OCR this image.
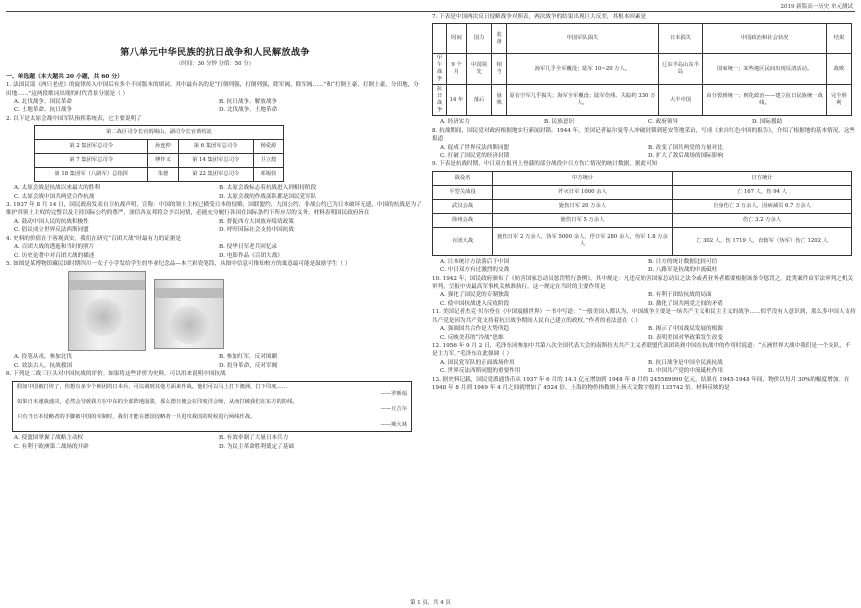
2019 新版高一历史 单元测试
第八单元中华民族的抗日战争和人民解放战争
（时间：30 分钟 分值：50 分）
一、单选题（本大题共 20 小题，共 60 分）
1. 法国民谣《两只老虎》的旋律传入中国后有多个不同版本的填词。其中最有名的是“打倒列强，打倒列强，除军阀，除军阀……”和“打倒土豪，打倒土豪，分田地，分田地……”这两段歌词出现的时代背景分别是（ ）
A. 北伐战争、国民革命	B. 抗日战争、解放战争
C. 土地革命、抗日战争	D. 北伐战争、土地革命
2. 以下是太原会战中国军队指挥系统表，它主要说明了
第二战区司令长官阎锡山、副司令长官黄绍竑			
第 2 集团军总司令	孙连仲	第 6 集团军总司令	杨爱源
第 7 集团军总司令	傅作义	第 14 集团军总司令	卫立煌
第 18 集团军（八路军）总指挥	朱德	第 22 集团军总司令	邓锡侯
A. 太原会战是抗战以来最大的胜利	B. 太原会战标志着抗战进入到相持阶段
C. 太原会战中国共两党合作抗战	D. 太原会战的作战部队都是国民党军队
3. 1937 年 8 月 14 日，国民政府发表自卫抗战声明，宣称：中国的领土主权已横受日本的侵略，国联盟约、九国公约、非战公约已为日本破坏无遗，中国的抗战是为了维护其领土主权的完整以及主持国际公约的尊严，深信各友邦将会予以同情，必能充分履行各国在国际条约下所应尽的义务。材料表明国民政府旨在
A. 鼓动中国人民的抗战积极性	B. 督促西方大国放弃绥靖政策
C. 倡议成立世界反法西斯同盟	D. 呼吁国际社会支持中国抗战
4. 史料的价值在于客观真实，我们在研究“百团大战”时最有力的证据是
A. 百团大战的透迤和当时的照片	B. 侵华日军老兵回忆录
C. 历史论著中对百团大战的描述	D. 电影作品《百团大战》
5. 如图是某博物馆藏民国时期四川一女子小学发给学生的毕业纪念品—木兰彩瓷笔筒，从图中信息可推知校方的寓意最可能是鼓励学生（ ）
A. 投笔从戎，参加北伐	B. 参加红军，反对围剿
C. 效法古人，抗战救国	D. 投身革命，反对军阀
6. 下列是二战三巨头对中国抗战的评价。如果将这些评价为史料，可以用来说明中国抗战
假如中国被打垮了，你想有多少个师团的日本兵，可以调到其他方面来作战。他们可以马上打下澳洲，打下印度……
——罗斯福
如果日本速战速决，必然会导致我方在中东的全部阵地崩溃，那么德日便会在印度洋会师，从而打破我们在东方的防线。
——丘吉尔
只有当日本侵略者的手脚被中国的牵制时，我们才能在德国侵略者一旦进攻我国的时候进行两线作战。
——斯大林
A. 使盟国掌握了战略主动权	B. 有效牵制了大量日本兵力
C. 有利于欧洲第二战场的开辟	D. 为民主革命胜利奠定了基础
7. 下表是中国两次反日侵略战争对照表，两次战争的结果出现巨大反差，其根本因素是
	时间	国力	装备	中国军队损失	日本损失	中国政治和社会状况	结果
甲午战争	9 个月	中国领先	相当	海军几乎全军覆没；陆军 10~20 万人。	辽东半岛山东半岛	国家统一；某些地区民间出现反清活动。	战败
抗日战争	14 年	落后	悬殊	原有空军几乎损失；海军全军覆没；陆军伤残、失踪约 330 万人。	大半中国	由分裂到统一；则化政治——建立抗日民族统一战线。	完全胜利
A. 经济实力	B. 民族意识	C. 政府领导	D. 国际援助
8. 抗战期间，国民党对政府根据地实行新闻封锁。1944 年，美国记者福尔曼等人冲破封锁到延安等地采访，写成《来自红色中国的报告》，介绍了根据地的基本情况。这些报道
A. 促成了世界反法西斯同盟	B. 改变了国共两党的力量对比
C. 打破了国民党的经济封锁	D. 扩大了敌后战场的国际影响
9. 下表是抗战时期，中日双方报刊上登载的部分战役中日方伤亡情况的统计数据，据此可知
战役名	中方统计	日方统计
平型关战役	歼灭日军 1000 余人	亡 167 人，伤 94 人
武汉会战	毙伤日军 20 万余人	自身伤亡 3 万余人，因病减员 6.7 万余人
徐州会战	毙伤日军 5 万余人	伤亡 3.2 万余人
百团大战	毙伤日军 2 万余人，伪军 5000 余人，俘日军 280 余人，伪军 1.8 万余人	亡 302 人，伤 1719 人，直辖军（伪军）伤亡 1202 人
A. 日本统计方法落后于中国	B. 日方的统计数据比较可信
C. 中日双方有过激烈的交战	D. 八路军是抗战的中流砥柱
10. 1942 年，国民政府颁布了《妨害国家总动员惩罚暂行条例》，其中规定：凡违反妨害国家总动员之法令或者业务者都要根据该条令惩罚之。此类案件由军法审判之机关审判，呈报中央最高军事机关核准执行。这一规定在当时的主要作用是
A. 强化了国民党的专制独裁	B. 有利于团结抗战的局面
C. 使中国抗战进入反攻阶段	D. 激化了国共两党之间的矛盾
11. 美国记者杰克·贝尔登在《中国震撼世界》一书中写道：“一般美国人都认为，中国战争主要是一场共产主义和民主主义的战争……似乎没有人意识到，那么多中国人支持共产党是因为共产党支持着抗日战争期间人民自己建立的政权。”作者的看法意在（ ）
A. 强调国共合作是大势所趋	B. 揭示了中国战局发展的根源
C. 反映美苏的“冷战”思维	D. 表明美国对华政策发生改变
12. 1956 年 9 月 2 日，毛泽东同参加中共第八次全国代表大会的南斯拉夫共产主义者联盟代表团谈到中国在抗战中的作用时说道：“五洲世界大战中我们是一个支队，不是主力军。”毛泽东在此强调（ ）
A. 国民党军队的正面战场作用	B. 抗日战争是中国全民族抗战
C. 世界反法西斯同盟的重要作用	D. 中国共产党的中流砥柱作用
13. 据史料记载，国民党派通货币从 1937 年 6 月的 14.1 亿元增加到 1948 年 8 月的 245589990 亿元，结果在 1945-1948 年间，物价以每月 30%的幅度增加。在 1948 年 8 月到 1949 年 4 月之间就增加了 4524 倍，上海的物价指数则上扬天文数字般的 135742 倍。材料反映的是
第 1 页，共 4 页
